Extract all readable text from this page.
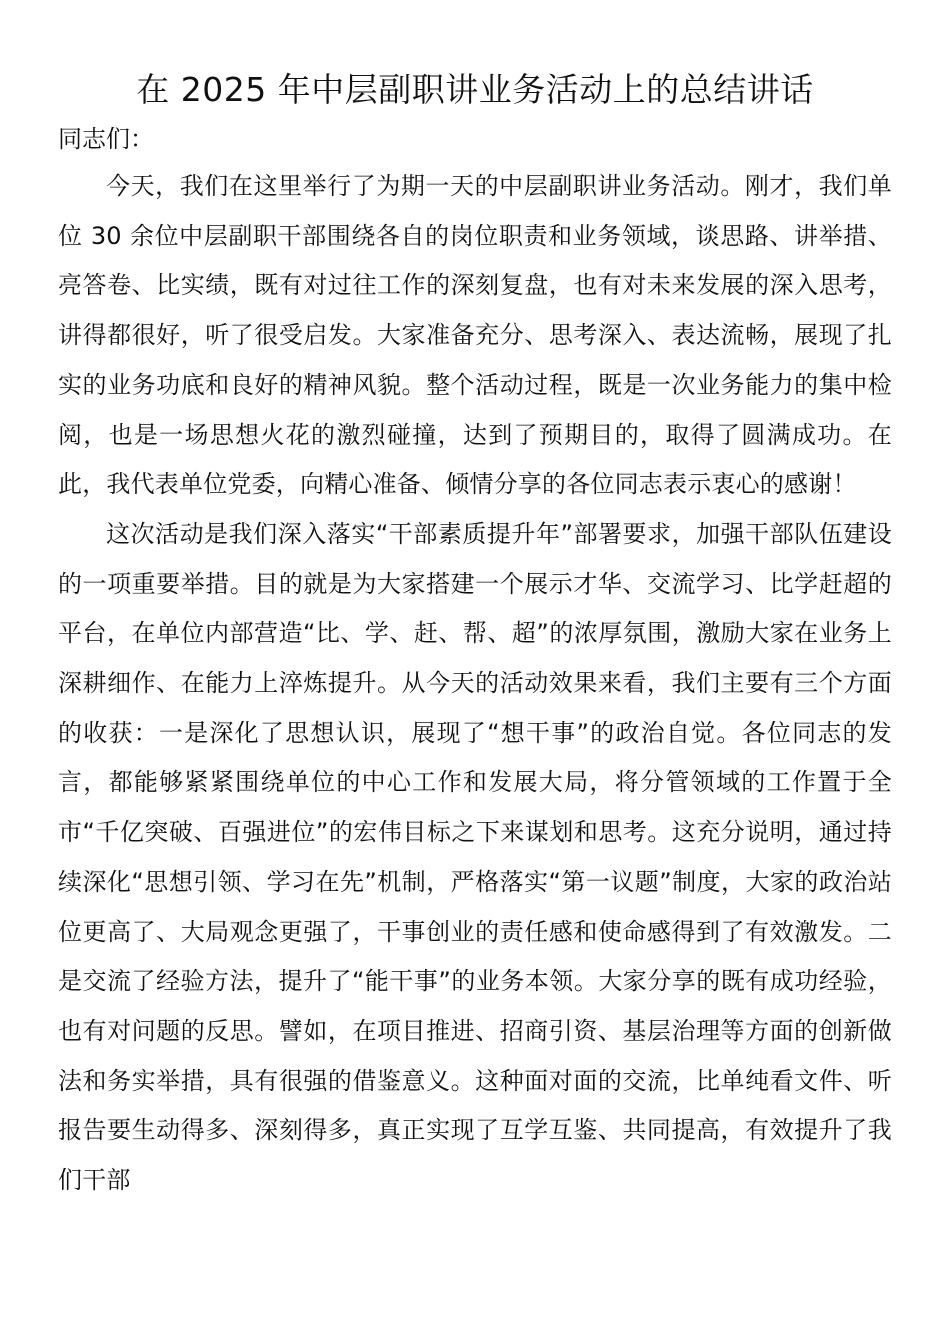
在 2025 年中层副职讲业务活动上的总结讲话

同志们：

今天，我们在这里举行了为期一天的中层副职讲业务活动。刚才，我们单位 30 余位中层副职干部围绕各自的岗位职责和业务领域，谈思路、讲举措、亮答卷、比实绩，既有对过往工作的深刻复盘，也有对未来发展的深入思考，讲得都很好，听了很受启发。大家准备充分、思考深入、表达流畅，展现了扎实的业务功底和良好的精神风貌。整个活动过程，既是一次业务能力的集中检阅，也是一场思想火花的激烈碰撞，达到了预期目的，取得了圆满成功。在此，我代表单位党委，向精心准备、倾情分享的各位同志表示衷心的感谢！

这次活动是我们深入落实“干部素质提升年”部署要求，加强干部队伍建设的一项重要举措。目的就是为大家搭建一个展示才华、交流学习、比学赶超的平台，在单位内部营造“比、学、赶、帮、超”的浓厚氛围，激励大家在业务上深耕细作、在能力上淬炼提升。从今天的活动效果来看，我们主要有三个方面的收获：一是深化了思想认识，展现了“想干事”的政治自觉。各位同志的发言，都能够紧紧围绕单位的中心工作和发展大局，将分管领域的工作置于全市“千亿突破、百强进位”的宏伟目标之下来谋划和思考。这充分说明，通过持续深化“思想引领、学习在先”机制，严格落实“第一议题”制度，大家的政治站位更高了、大局观念更强了，干事创业的责任感和使命感得到了有效激发。二是交流了经验方法，提升了“能干事”的业务本领。大家分享的既有成功经验，也有对问题的反思。譬如，在项目推进、招商引资、基层治理等方面的创新做法和务实举措，具有很强的借鉴意义。这种面对面的交流，比单纯看文件、听报告要生动得多、深刻得多，真正实现了互学互鉴、共同提高，有效提升了我们干部
